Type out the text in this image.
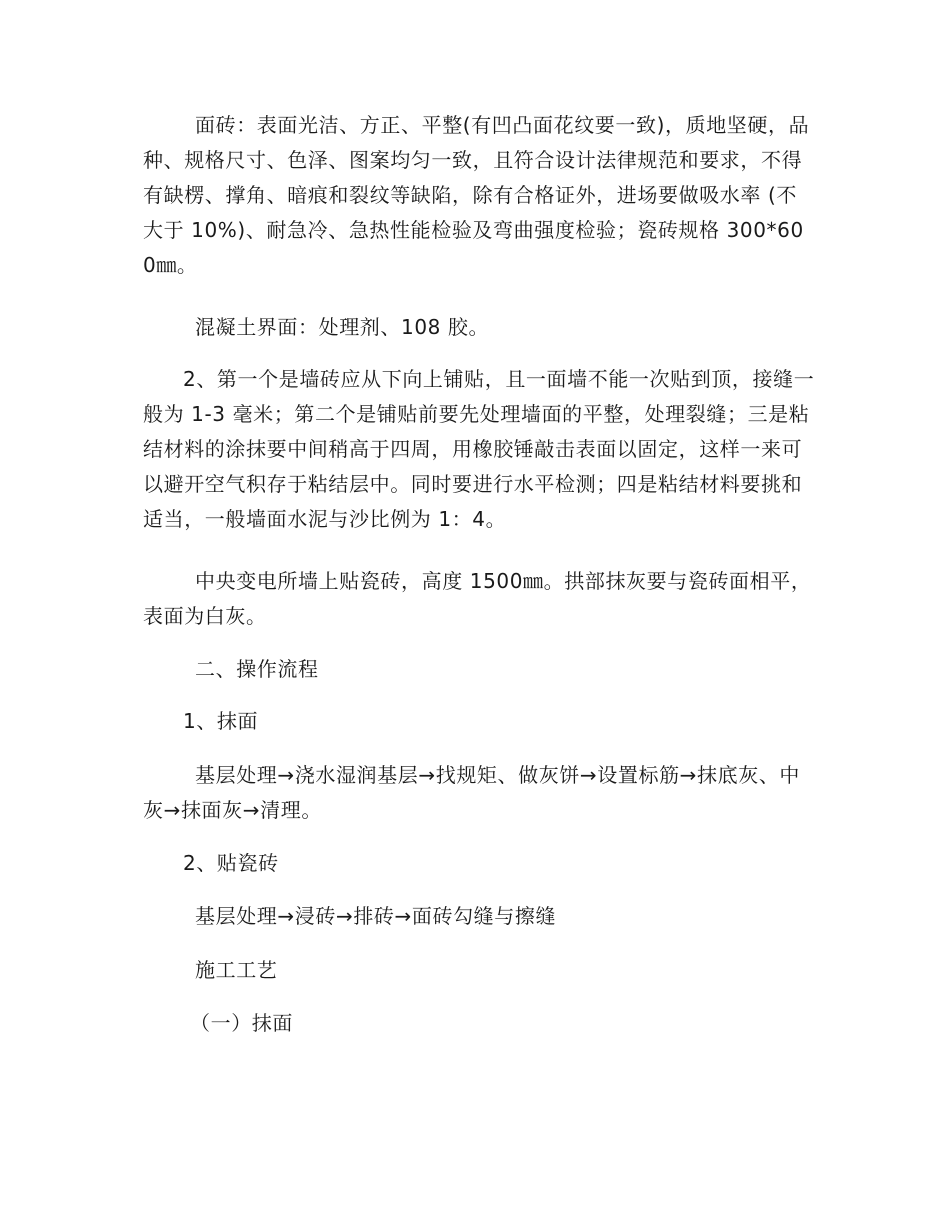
面砖：表面光洁、方正、平整(有凹凸面花纹要一致)，质地坚硬，品种、规格尺寸、色泽、图案均匀一致，且符合设计法律规范和要求，不得有缺楞、撑角、暗痕和裂纹等缺陷，除有合格证外，进场要做吸水率 (不大于 10%)、耐急冷、急热性能检验及弯曲强度检验；瓷砖规格 300*600㎜。

混凝土界面：处理剂、108 胶。

2、第一个是墙砖应从下向上铺贴，且一面墙不能一次贴到顶，接缝一般为 1-3 毫米；第二个是铺贴前要先处理墙面的平整，处理裂缝；三是粘结材料的涂抹要中间稍高于四周，用橡胶锤敲击表面以固定，这样一来可以避开空气积存于粘结层中。同时要进行水平检测；四是粘结材料要挑和适当，一般墙面水泥与沙比例为 1：4。

中央变电所墙上贴瓷砖，高度 1500㎜。拱部抹灰要与瓷砖面相平，表面为白灰。

二、操作流程

1、抹面

基层处理→浇水湿润基层→找规矩、做灰饼→设置标筋→抹底灰、中灰→抹面灰→清理。

2、贴瓷砖

基层处理→浸砖→排砖→面砖勾缝与擦缝

施工工艺

（一）抹面
